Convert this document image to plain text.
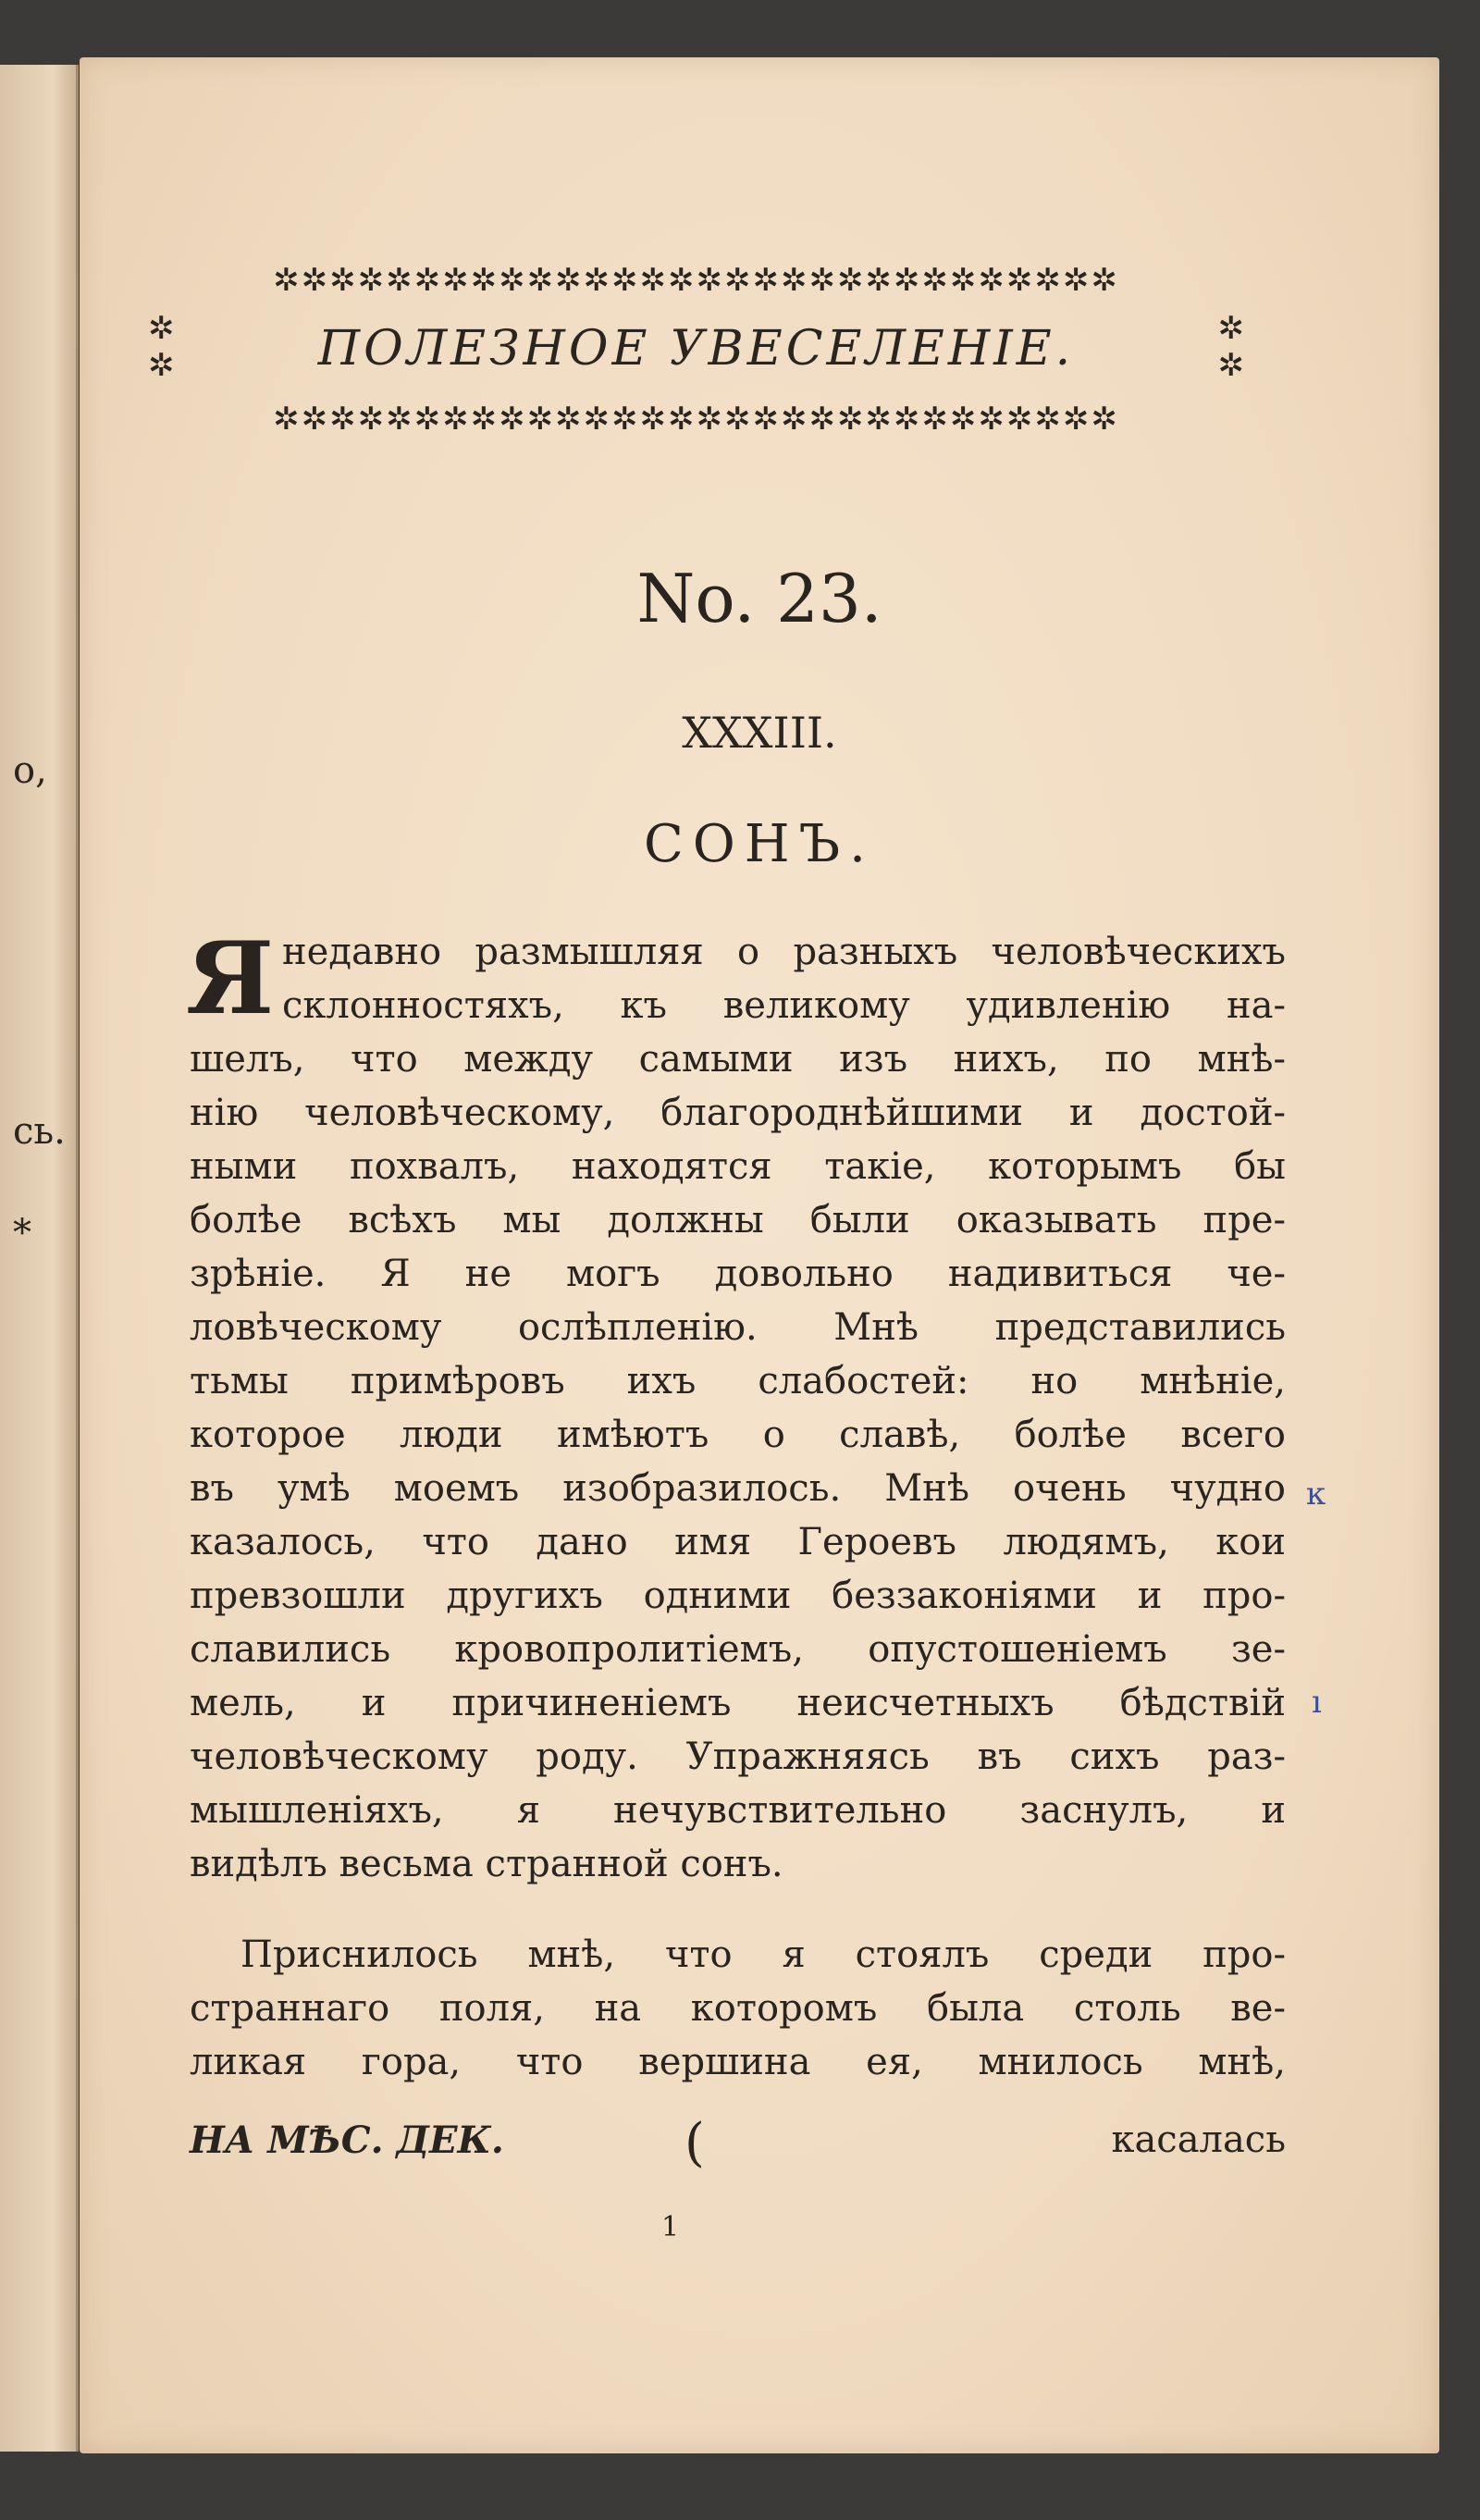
о,
сь.
*
✲✲✲✲✲✲✲✲✲✲✲✲✲✲✲✲✲✲✲✲✲✲✲✲✲✲✲✲✲✲
✲
✲
✲
✲
ПОЛЕЗНОЕ УВЕСЕЛЕНІЕ.
✲✲✲✲✲✲✲✲✲✲✲✲✲✲✲✲✲✲✲✲✲✲✲✲✲✲✲✲✲✲
No. 23.
XXXIII.
СОНЪ.
Я недавно размышляя о разныхъ человѣческихъ
склонностяхъ, къ великому удивленію на-
шелъ, что между самыми изъ нихъ, по мнѣ-
нію человѣческому, благороднѣйшими и достой-
ными похвалъ, находятся такіе, которымъ бы
болѣе всѣхъ мы должны были оказывать пре-
зрѣніе. Я не могъ довольно надивиться че-
ловѣческому ослѣпленію. Мнѣ представились
тьмы примѣровъ ихъ слабостей: но мнѣніе,
которое люди имѣютъ о славѣ, болѣе всего
въ умѣ моемъ изобразилось. Мнѣ очень чудно
казалось, что дано имя Героевъ людямъ, кои
превзошли другихъ одними беззаконіями и про-
славились кровопролитіемъ, опустошеніемъ зе-
мель, и причиненіемъ неисчетныхъ бѣдствій
человѣческому роду. Упражняясь въ сихъ раз-
мышленіяхъ, я нечувствительно заснулъ, и
видѣлъ весьма странной сонъ.
Приснилось мнѣ, что я стоялъ среди про-
страннаго поля, на которомъ была столь ве-
ликая гора, что вершина ея, мнилось мнѣ,
НА МѢС. ДЕК.	(	касалась
1
ĸ
ı
